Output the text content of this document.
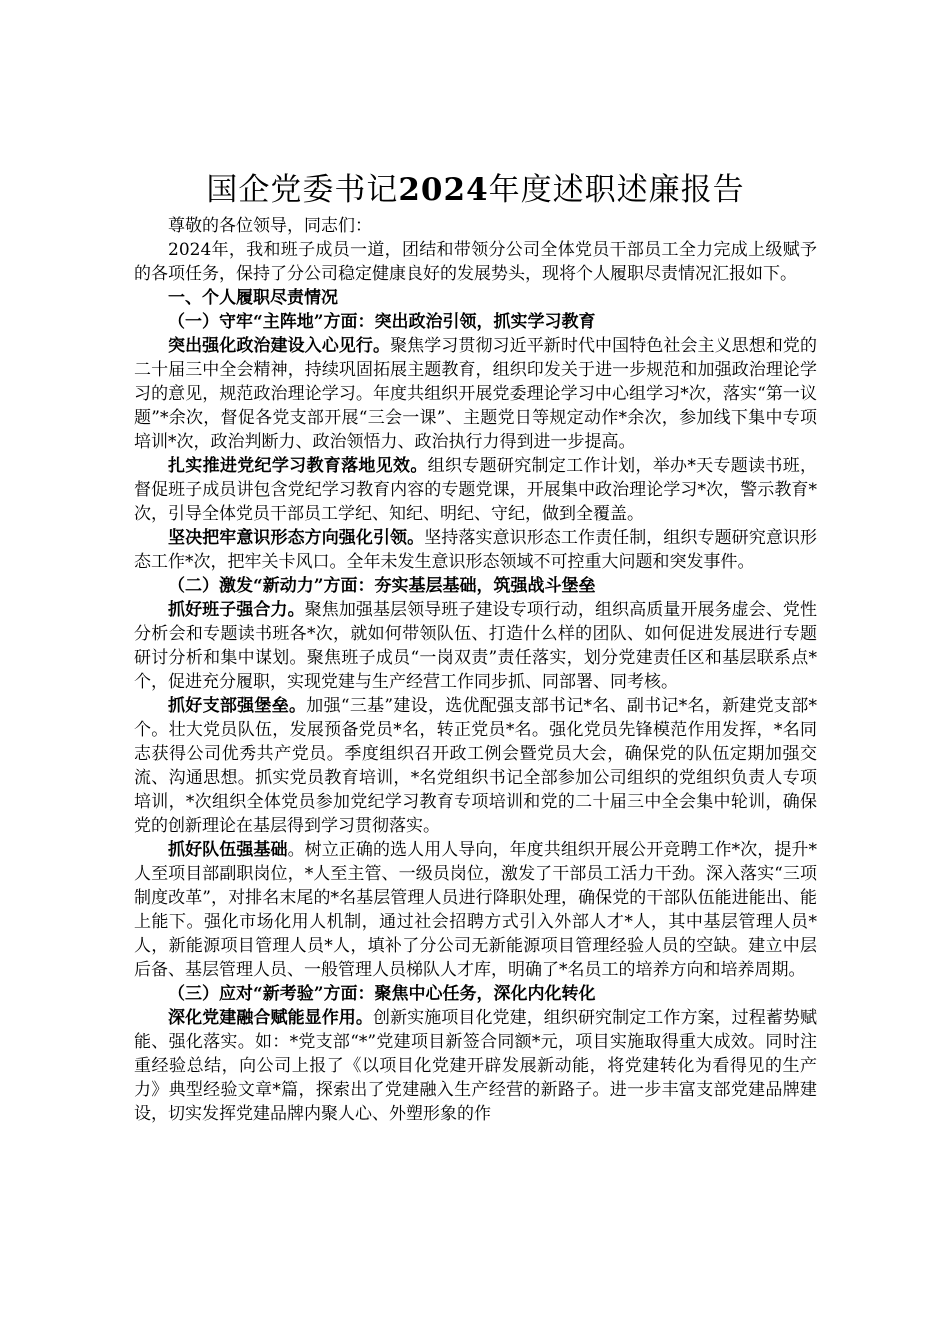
国企党委书记2024年度述职述廉报告

尊敬的各位领导，同志们：

2024年，我和班子成员一道，团结和带领分公司全体党员干部员工全力完成上级赋予的各项任务，保持了分公司稳定健康良好的发展势头，现将个人履职尽责情况汇报如下。

一、个人履职尽责情况

（一）守牢“主阵地”方面：突出政治引领，抓实学习教育

突出强化政治建设入心见行。聚焦学习贯彻习近平新时代中国特色社会主义思想和党的二十届三中全会精神，持续巩固拓展主题教育，组织印发关于进一步规范和加强政治理论学习的意见，规范政治理论学习。年度共组织开展党委理论学习中心组学习*次，落实“第一议题”*余次，督促各党支部开展“三会一课”、主题党日等规定动作*余次，参加线下集中专项培训*次，政治判断力、政治领悟力、政治执行力得到进一步提高。

扎实推进党纪学习教育落地见效。组织专题研究制定工作计划，举办*天专题读书班，督促班子成员讲包含党纪学习教育内容的专题党课，开展集中政治理论学习*次，警示教育*次，引导全体党员干部员工学纪、知纪、明纪、守纪，做到全覆盖。

坚决把牢意识形态方向强化引领。坚持落实意识形态工作责任制，组织专题研究意识形态工作*次，把牢关卡风口。全年未发生意识形态领域不可控重大问题和突发事件。

（二）激发“新动力”方面：夯实基层基础，筑强战斗堡垒

抓好班子强合力。聚焦加强基层领导班子建设专项行动，组织高质量开展务虚会、党性分析会和专题读书班各*次，就如何带领队伍、打造什么样的团队、如何促进发展进行专题研讨分析和集中谋划。聚焦班子成员“一岗双责”责任落实，划分党建责任区和基层联系点*个，促进充分履职，实现党建与生产经营工作同步抓、同部署、同考核。

抓好支部强堡垒。加强“三基”建设，选优配强支部书记*名、副书记*名，新建党支部*个。壮大党员队伍，发展预备党员*名，转正党员*名。强化党员先锋模范作用发挥，*名同志获得公司优秀共产党员。季度组织召开政工例会暨党员大会，确保党的队伍定期加强交流、沟通思想。抓实党员教育培训，*名党组织书记全部参加公司组织的党组织负责人专项培训，*次组织全体党员参加党纪学习教育专项培训和党的二十届三中全会集中轮训，确保党的创新理论在基层得到学习贯彻落实。

抓好队伍强基础。树立正确的选人用人导向，年度共组织开展公开竞聘工作*次，提升*人至项目部副职岗位，*人至主管、一级员岗位，激发了干部员工活力干劲。深入落实“三项制度改革”，对排名末尾的*名基层管理人员进行降职处理，确保党的干部队伍能进能出、能上能下。强化市场化用人机制，通过社会招聘方式引入外部人才*人，其中基层管理人员*人，新能源项目管理人员*人，填补了分公司无新能源项目管理经验人员的空缺。建立中层后备、基层管理人员、一般管理人员梯队人才库，明确了*名员工的培养方向和培养周期。

（三）应对“新考验”方面：聚焦中心任务，深化内化转化

深化党建融合赋能显作用。创新实施项目化党建，组织研究制定工作方案，过程蓄势赋能、强化落实。如：*党支部“*”党建项目新签合同额*元，项目实施取得重大成效。同时注重经验总结，向公司上报了《以项目化党建开辟发展新动能，将党建转化为看得见的生产力》典型经验文章*篇，探索出了党建融入生产经营的新路子。进一步丰富支部党建品牌建设，切实发挥党建品牌内聚人心、外塑形象的作
